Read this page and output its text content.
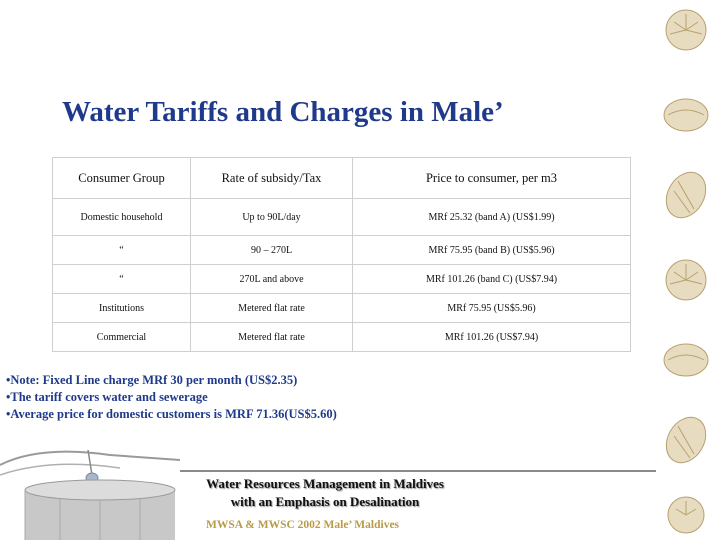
Water Tariffs and Charges in Male’
Consumer Group	Rate of subsidy/Tax	Price to consumer, per m3
Domestic household	Up to 90L/day	MRf 25.32 (band A) (US$1.99)
“	90 – 270L	MRf 75.95 (band B) (US$5.96)
“	270L and above	MRf 101.26 (band C) (US$7.94)
Institutions	Metered flat rate	MRf 75.95 (US$5.96)
Commercial	Metered flat rate	MRf 101.26 (US$7.94)
•Note: Fixed Line charge MRf 30 per month (US$2.35)
•The tariff covers water and sewerage
•Average price for domestic customers is MRF 71.36(US$5.60)
Water Resources Management in Maldives
with an Emphasis on Desalination
MWSA & MWSC 2002 Male’ Maldives
